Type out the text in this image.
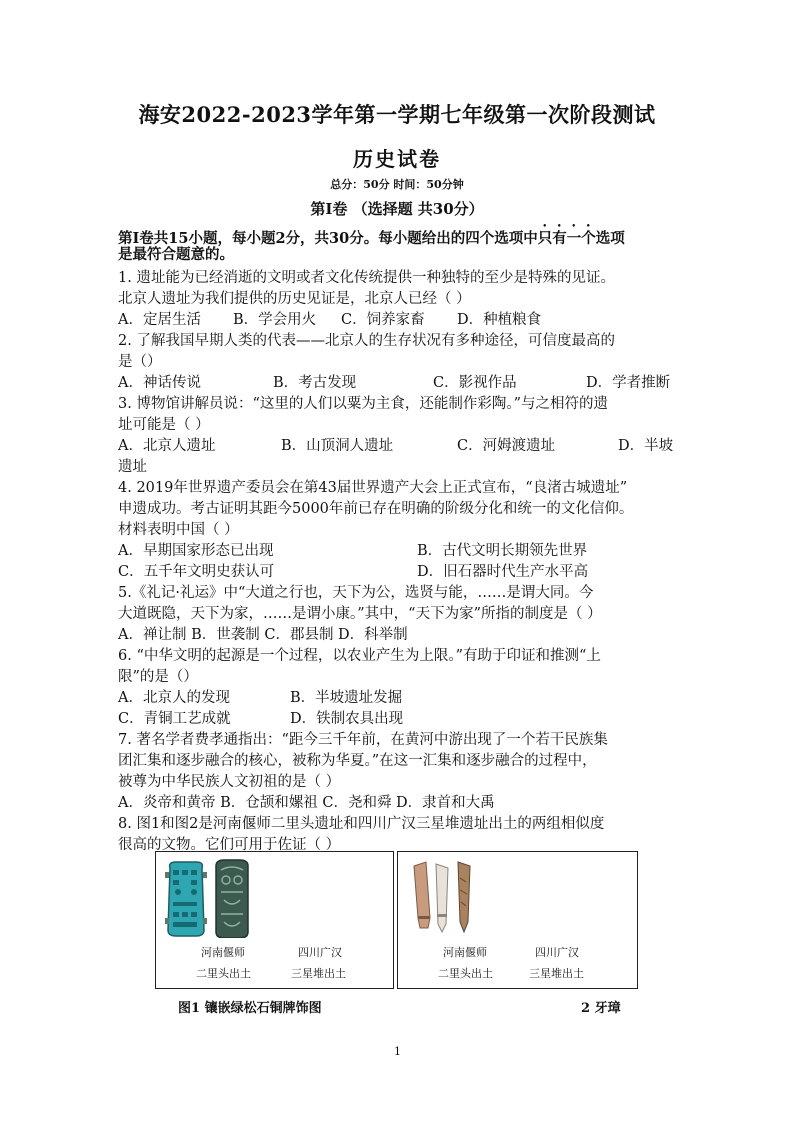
海安2022-2023学年第一学期七年级第一次阶段测试
历史试卷
总分：50分 时间：50分钟
第Ⅰ卷 （选择题 共30分）
第Ⅰ卷共15小题，每小题2分，共30分。每小题给出的四个选项中只有一个选项
是最符合题意的。
1. 遗址能为已经消逝的文明或者文化传统提供一种独特的至少是特殊的见证。
北京人遗址为我们提供的历史见证是，北京人已经（ ）
A．定居生活 B．学会用火 C．饲养家畜 D．种植粮食
2. 了解我国早期人类的代表——北京人的生存状况有多种途径，可信度最高的
是（）
A．神话传说	B．考古发现	C．影视作品	D．学者推断
3. 博物馆讲解员说：“这里的人们以粟为主食，还能制作彩陶。”与之相符的遗
址可能是（ ）
A．北京人遗址	B．山顶洞人遗址	C．河姆渡遗址	D．半坡
遗址
4. 2019年世界遗产委员会在第43届世界遗产大会上正式宣布，“良渚古城遗址”
申遗成功。考古证明其距今5000年前已存在明确的阶级分化和统一的文化信仰。
材料表明中国（ ）
A．早期国家形态已出现	B．古代文明长期领先世界
C．五千年文明史获认可	D．旧石器时代生产水平高
5.《礼记·礼运》中“大道之行也，天下为公，选贤与能，……是谓大同。今
大道既隐，天下为家，……是谓小康。”其中，“天下为家”所指的制度是（ ）
A．禅让制 B．世袭制 C．郡县制 D．科举制
6. “中华文明的起源是一个过程，以农业产生为上限。”有助于印证和推测“上
限”的是（）
A．北京人的发现	B．半坡遗址发掘
C．青铜工艺成就	D．铁制农具出现
7. 著名学者费孝通指出：“距今三千年前，在黄河中游出现了一个若干民族集
团汇集和逐步融合的核心，被称为华夏。”在这一汇集和逐步融合的过程中，
被尊为中华民族人文初祖的是（ ）
A．炎帝和黄帝 B．仓颉和嫘祖 C．尧和舜 D．隶首和大禹
8. 图1和图2是河南偃师二里头遗址和四川广汉三星堆遗址出土的两组相似度
很高的文物。它们可用于佐证（ ）
河南偃师
二里头出土
四川广汉
三星堆出土
河南偃师
二里头出土
四川广汉
三星堆出土
图1 镶嵌绿松石铜牌饰图	2 牙璋
1
